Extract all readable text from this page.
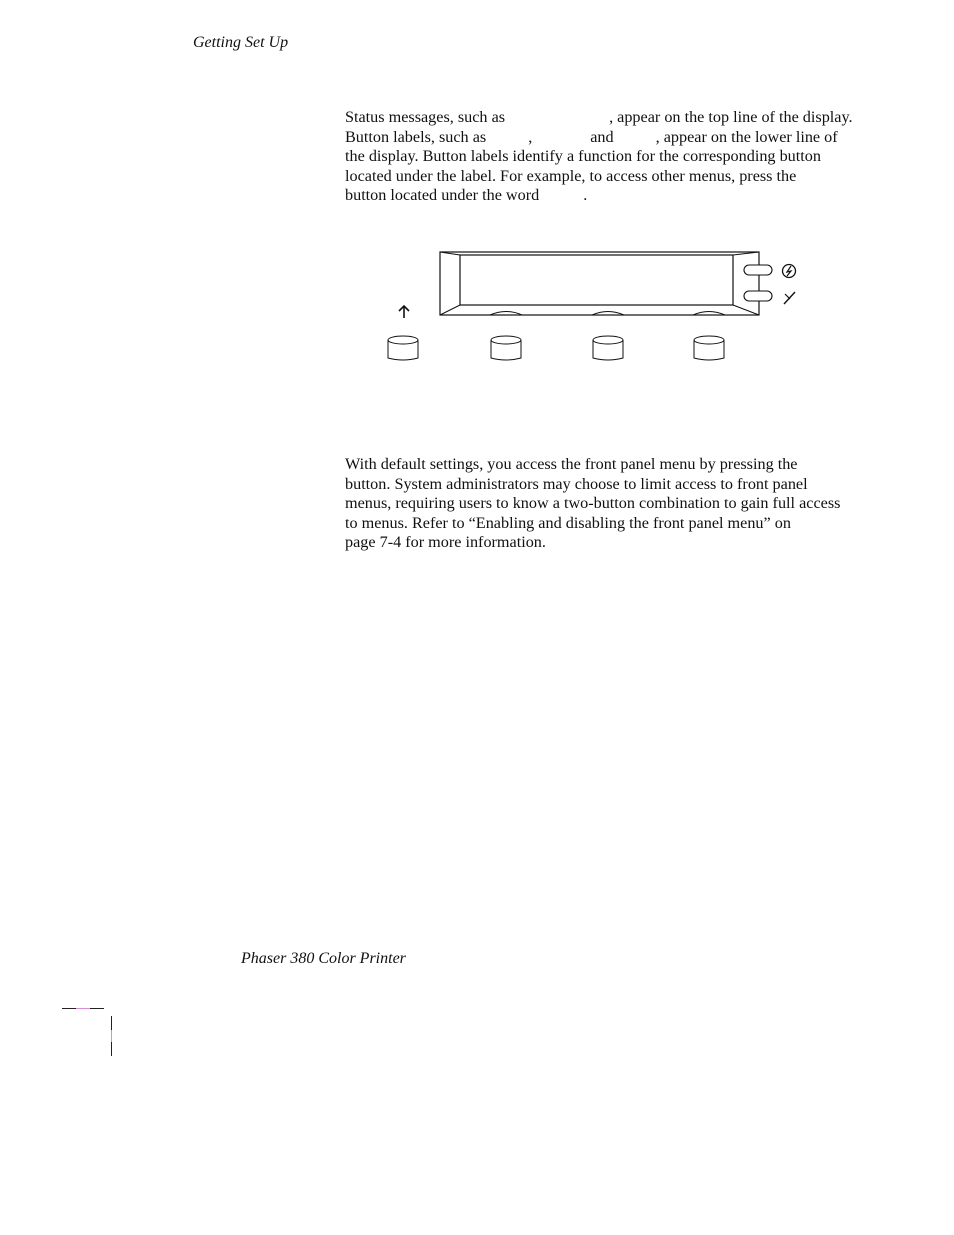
Getting Set Up
Status messages, such as	, appear on the top line of the display.
Button labels, such as	,	and	, appear on the lower line of
the display. Button labels identify a function for the corresponding button
located under the label. For example, to access other menus, press the
button located under the word	.
With default settings, you access the front panel menu by pressing the
button. System administrators may choose to limit access to front panel
menus, requiring users to know a two-button combination to gain full access
to menus. Refer to “Enabling and disabling the front panel menu” on
page 7-4 for more information.
Phaser 380 Color Printer
